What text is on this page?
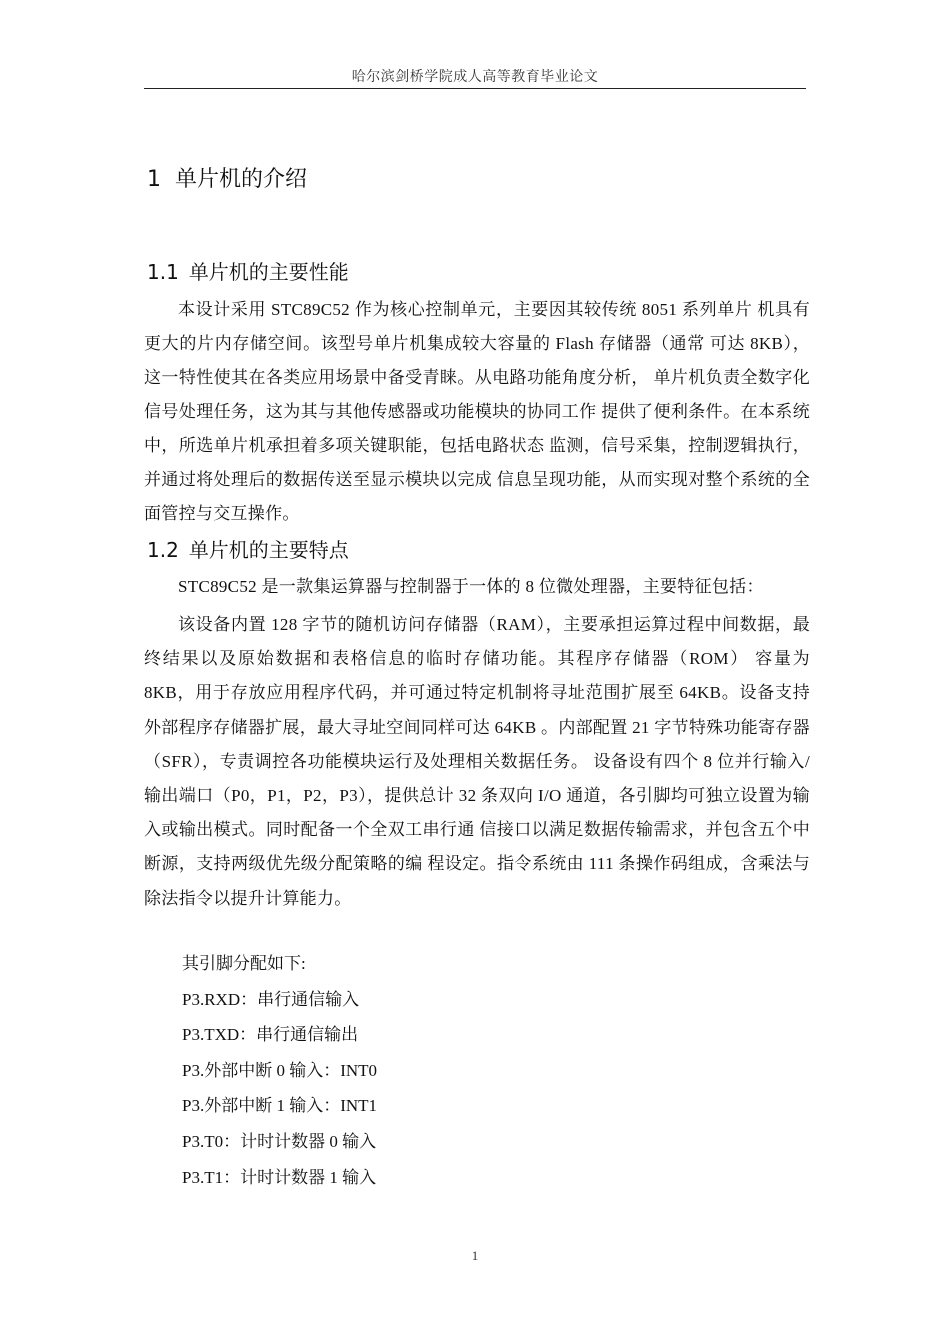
哈尔滨剑桥学院成人高等教育毕业论文
1 单片机的介绍
1.1 单片机的主要性能

本设计采用 STC89C52 作为核心控制单元，主要因其较传统 8051 系列单片 机具有更大的片内存储空间。该型号单片机集成较大容量的 Flash 存储器（通常 可达 8KB），这一特性使其在各类应用场景中备受青睐。从电路功能角度分析， 单片机负责全数字化信号处理任务，这为其与其他传感器或功能模块的协同工作 提供了便利条件。在本系统中，所选单片机承担着多项关键职能，包括电路状态 监测，信号采集，控制逻辑执行，并通过将处理后的数据传送至显示模块以完成 信息呈现功能，从而实现对整个系统的全面管控与交互操作。

1.2 单片机的主要特点

STC89C52 是一款集运算器与控制器于一体的 8 位微处理器，主要特征包括：

该设备内置 128 字节的随机访问存储器（RAM），主要承担运算过程中间数据，最终结果以及原始数据和表格信息的临时存储功能。其程序存储器（ROM） 容量为 8KB，用于存放应用程序代码，并可通过特定机制将寻址范围扩展至 64KB。设备支持外部程序存储器扩展，最大寻址空间同样可达 64KB 。内部配置 21 字节特殊功能寄存器（SFR），专责调控各功能模块运行及处理相关数据任务。 设备设有四个 8 位并行输入/输出端口（P0，P1，P2，P3），提供总计 32 条双向 I/O 通道，各引脚均可独立设置为输入或输出模式。同时配备一个全双工串行通 信接口以满足数据传输需求，并包含五个中断源，支持两级优先级分配策略的编 程设定。指令系统由 111 条操作码组成，含乘法与除法指令以提升计算能力。

其引脚分配如下:
P3.RXD：串行通信输入
P3.TXD：串行通信输出
P3.外部中断 0 输入：INT0
P3.外部中断 1 输入：INT1
P3.T0：计时计数器 0 输入
P3.T1：计时计数器 1 输入
1
